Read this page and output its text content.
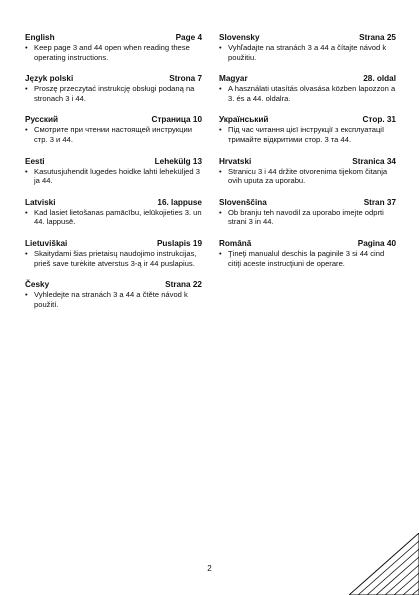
English	Page 4
• Keep page 3 and 44 open when reading these operating instructions.
Język polski	Strona 7
• Proszę przeczytać instrukcję obsługi podaną na stronach 3 i 44.
Русский	Страница 10
• Смотрите при чтении настоящей инструкции стр. 3 и 44.
Eesti	Lehekülg 13
• Kasutusjuhendit lugedes hoidke lahti leheküljed 3 ja 44.
Latviski	16. lappuse
• Kad lasiet lietošanas pamācību, ielūkojieties 3. un 44. lappusē.
Lietuviškai	Puslapis 19
• Skaitydami šias prietaisų naudojimo instrukcijas, prieš save turėkite atverstus 3-ą ir 44 puslapius.
Česky	Strana 22
• Vyhledejte na stranách 3 a 44 a čtěte návod k použití.
Slovensky	Strana 25
• Vyhľadajte na stranách 3 a 44 a čítajte návod k použitiu.
Magyar	28. oldal
• A használati utasítás olvasása közben lapozzon a 3. és a 44. oldalra.
Український	Стор. 31
• Під час читання цієї інструкції з експлуатації тримайте відкритими стор. 3 та 44.
Hrvatski	Stranica 34
• Stranicu 3 i 44 držite otvorenima tijekom čitanja ovih uputa za uporabu.
Slovenščina	Stran 37
• Ob branju teh navodil za uporabo imejte odprti strani 3 in 44.
Română	Pagina 40
• Ţineţi manualul deschis la paginile 3 si 44 cind citiţi aceste instrucţiuni de operare.
2
